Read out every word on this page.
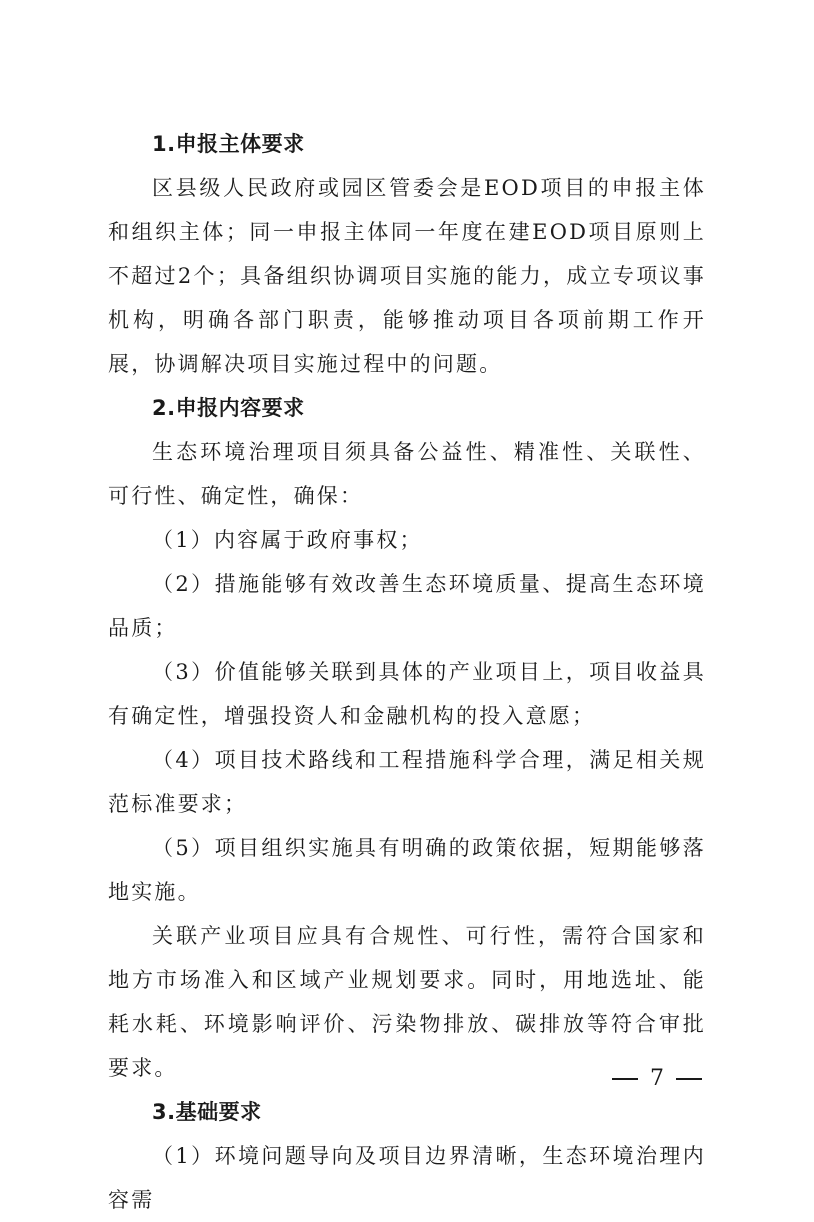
1.申报主体要求

区县级人民政府或园区管委会是EOD项目的申报主体和组织主体；同一申报主体同一年度在建EOD项目原则上不超过2个；具备组织协调项目实施的能力，成立专项议事机构，明确各部门职责，能够推动项目各项前期工作开展，协调解决项目实施过程中的问题。

2.申报内容要求

生态环境治理项目须具备公益性、精准性、关联性、可行性、确定性，确保：

（1）内容属于政府事权；

（2）措施能够有效改善生态环境质量、提高生态环境品质；

（3）价值能够关联到具体的产业项目上，项目收益具有确定性，增强投资人和金融机构的投入意愿；

（4）项目技术路线和工程措施科学合理，满足相关规范标准要求；

（5）项目组织实施具有明确的政策依据，短期能够落地实施。

关联产业项目应具有合规性、可行性，需符合国家和地方市场准入和区域产业规划要求。同时，用地选址、能耗水耗、环境影响评价、污染物排放、碳排放等符合审批要求。

3.基础要求

（1）环境问题导向及项目边界清晰，生态环境治理内容需

7
